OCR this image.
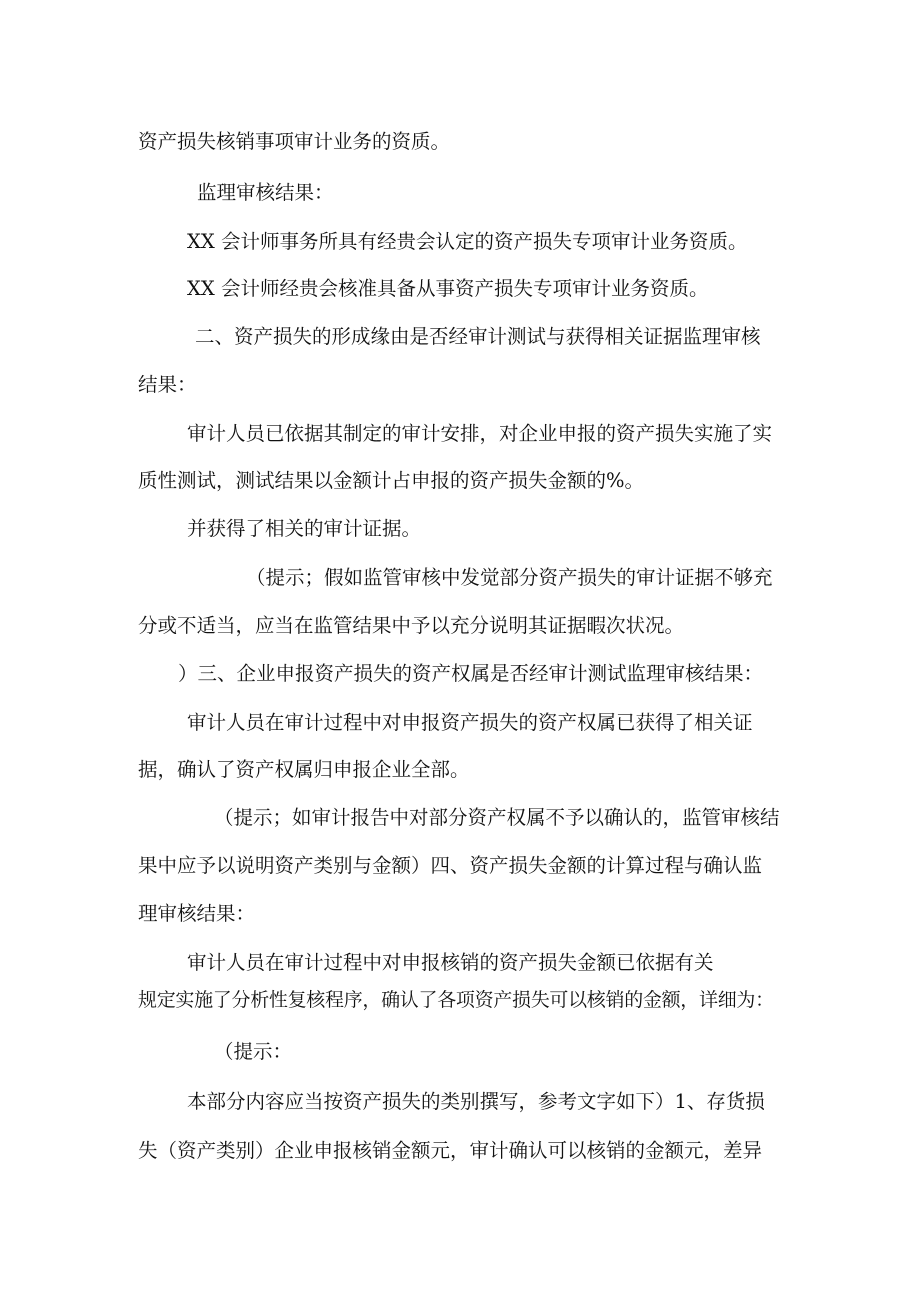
资产损失核销事项审计业务的资质。
监理审核结果：
XX 会计师事务所具有经贵会认定的资产损失专项审计业务资质。
XX 会计师经贵会核准具备从事资产损失专项审计业务资质。
二、资产损失的形成缘由是否经审计测试与获得相关证据监理审核
结果：
审计人员已依据其制定的审计安排，对企业申报的资产损失实施了实
质性测试，测试结果以金额计占申报的资产损失金额的%。
并获得了相关的审计证据。
（提示；假如监管审核中发觉部分资产损失的审计证据不够充
分或不适当，应当在监管结果中予以充分说明其证据暇次状况。
）三、企业申报资产损失的资产权属是否经审计测试监理审核结果：
审计人员在审计过程中对申报资产损失的资产权属已获得了相关证
据，确认了资产权属归申报企业全部。
（提示；如审计报告中对部分资产权属不予以确认的，监管审核结
果中应予以说明资产类别与金额）四、资产损失金额的计算过程与确认监
理审核结果：
审计人员在审计过程中对申报核销的资产损失金额已依据有关
规定实施了分析性复核程序，确认了各项资产损失可以核销的金额，详细为：
（提示：
本部分内容应当按资产损失的类别撰写，参考文字如下）1、存货损
失（资产类别）企业申报核销金额元，审计确认可以核销的金额元，差异
